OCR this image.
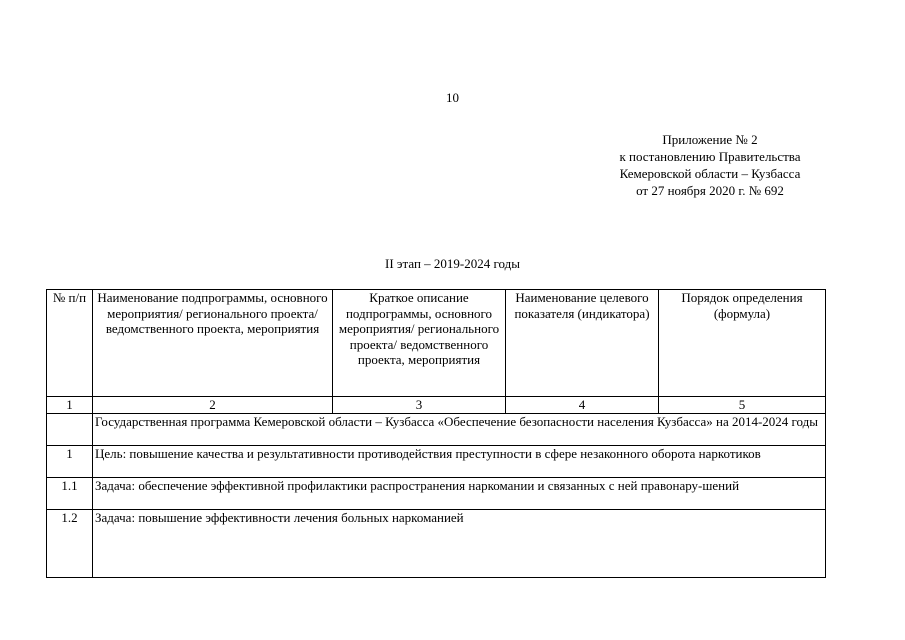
10
Приложение № 2
к постановлению Правительства
Кемеровской области – Кузбасса
от 27 ноября 2020 г. № 692
II этап – 2019-2024 годы
№ п/п	Наименование подпрограммы, основного мероприятия/ регионального проекта/ ведомственного проекта, мероприятия	Краткое описание подпрограммы, основного мероприятия/ регионального проекта/ ведомственного проекта, мероприятия	Наименование целевого показателя (индикатора)	Порядок определения (формула)
1	2	3	4	5
	Государственная программа Кемеровской области – Кузбасса «Обеспечение безопасности населения Кузбасса» на 2014-2024 годы			
1	Цель: повышение качества и результативности противодействия преступности в сфере незаконного оборота наркотиков			
1.1	Задача: обеспечение эффективной профилактики распространения наркомании и связанных с ней правонару-шений			
1.2	Задача: повышение эффективности лечения больных наркоманией			
